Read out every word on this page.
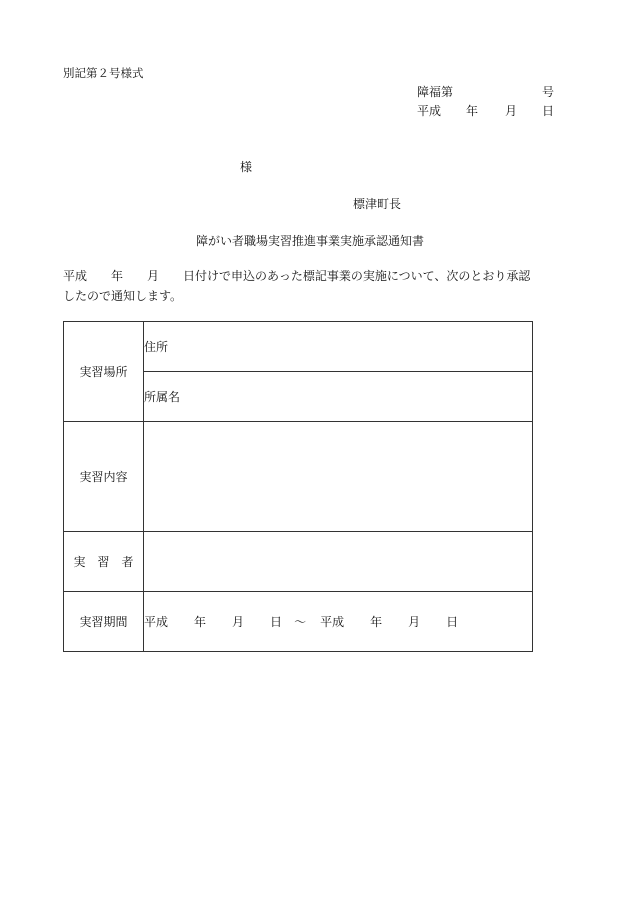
別記第２号様式
障福第	号
平成 年 月 日
様
標津町長
障がい者職場実習推進事業実施承認通知書
平成　　年　　月　　日付けで申込のあった標記事業の実施について、次のとおり承認
したので通知します。
実習場所	住所
	所属名
実習内容	
実　習　者	
実習期間	平成 年 月 日 ～ 平成 年 月 日
